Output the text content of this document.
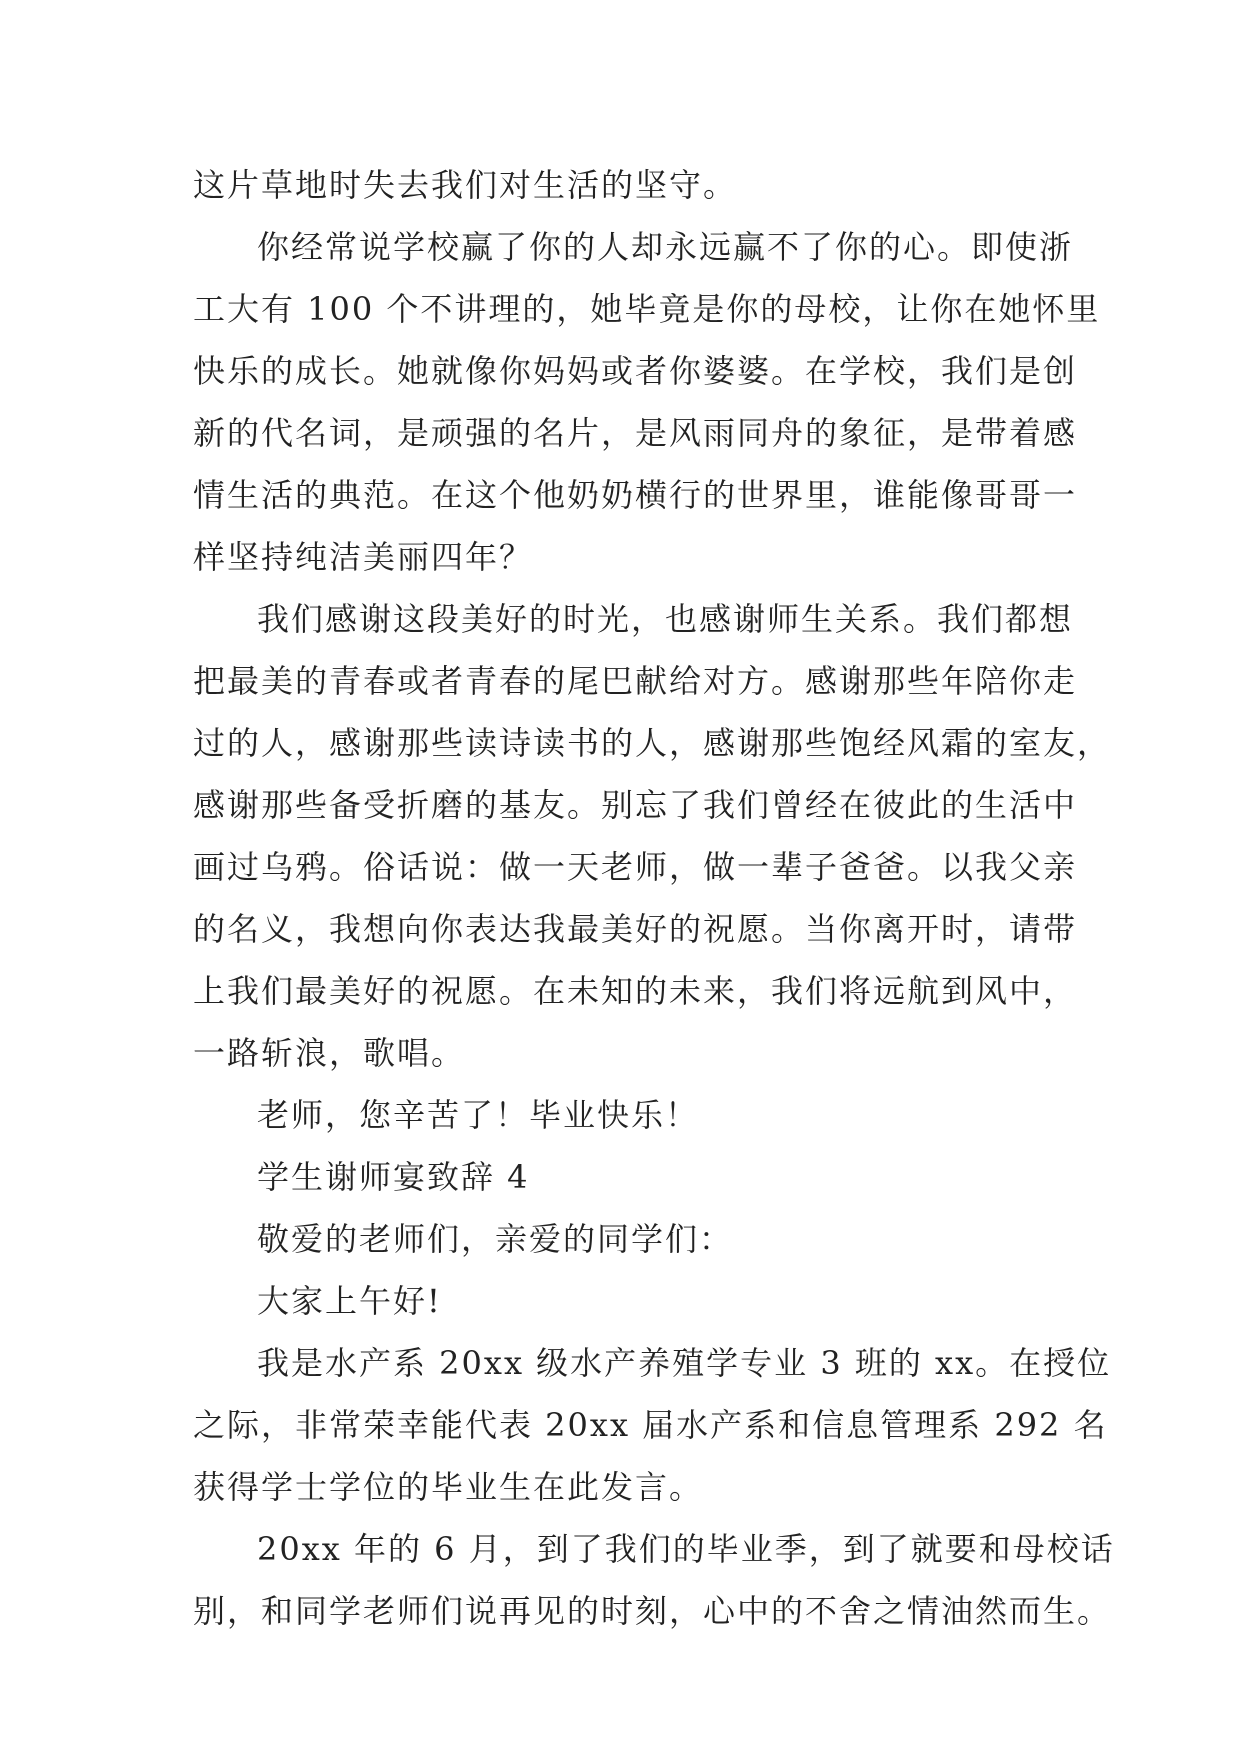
这片草地时失去我们对生活的坚守。
你经常说学校赢了你的人却永远赢不了你的心。即使浙
工大有 100 个不讲理的，她毕竟是你的母校，让你在她怀里
快乐的成长。她就像你妈妈或者你婆婆。在学校，我们是创
新的代名词，是顽强的名片，是风雨同舟的象征，是带着感
情生活的典范。在这个他奶奶横行的世界里，谁能像哥哥一
样坚持纯洁美丽四年？
我们感谢这段美好的时光，也感谢师生关系。我们都想
把最美的青春或者青春的尾巴献给对方。感谢那些年陪你走
过的人，感谢那些读诗读书的人，感谢那些饱经风霜的室友，
感谢那些备受折磨的基友。别忘了我们曾经在彼此的生活中
画过乌鸦。俗话说：做一天老师，做一辈子爸爸。以我父亲
的名义，我想向你表达我最美好的祝愿。当你离开时，请带
上我们最美好的祝愿。在未知的未来，我们将远航到风中，
一路斩浪，歌唱。
老师，您辛苦了！毕业快乐！
学生谢师宴致辞 4
敬爱的老师们，亲爱的同学们：
大家上午好!
我是水产系 20xx 级水产养殖学专业 3 班的 xx。在授位
之际，非常荣幸能代表 20xx 届水产系和信息管理系 292 名
获得学士学位的毕业生在此发言。
20xx 年的 6 月，到了我们的毕业季，到了就要和母校话
别，和同学老师们说再见的时刻，心中的不舍之情油然而生。
